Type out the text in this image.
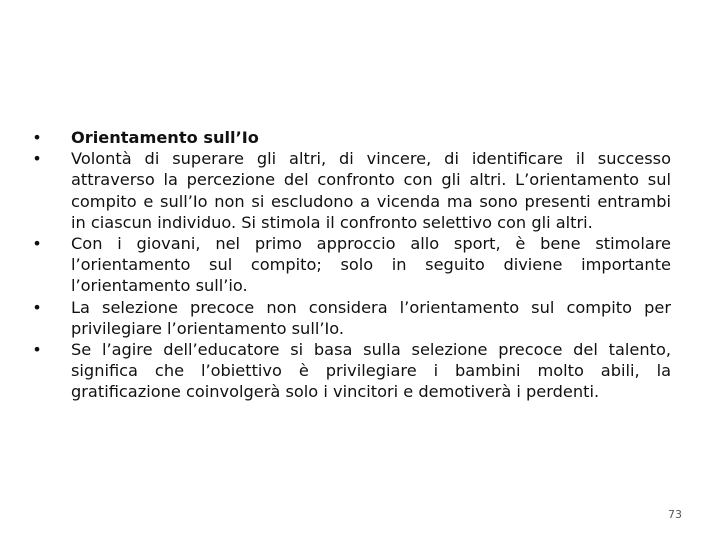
• Orientamento sull’Io
• Volontà di superare gli altri, di vincere, di identificare il successo attraverso la percezione del confronto con gli altri. L’orientamento sul compito e sull’Io non si escludono a vicenda ma sono presenti entrambi in ciascun individuo. Si stimola il confronto selettivo con gli altri.
• Con i giovani, nel primo approccio allo sport, è bene stimolare l’orientamento sul compito; solo in seguito diviene importante l’orientamento sull’io.
• La selezione precoce non considera l’orientamento sul compito per privilegiare l’orientamento sull’Io.
• Se l’agire dell’educatore si basa sulla selezione precoce del talento, significa che l’obiettivo è privilegiare i bambini molto abili, la gratificazione coinvolgerà solo i vincitori e demotiverà i perdenti.
73
